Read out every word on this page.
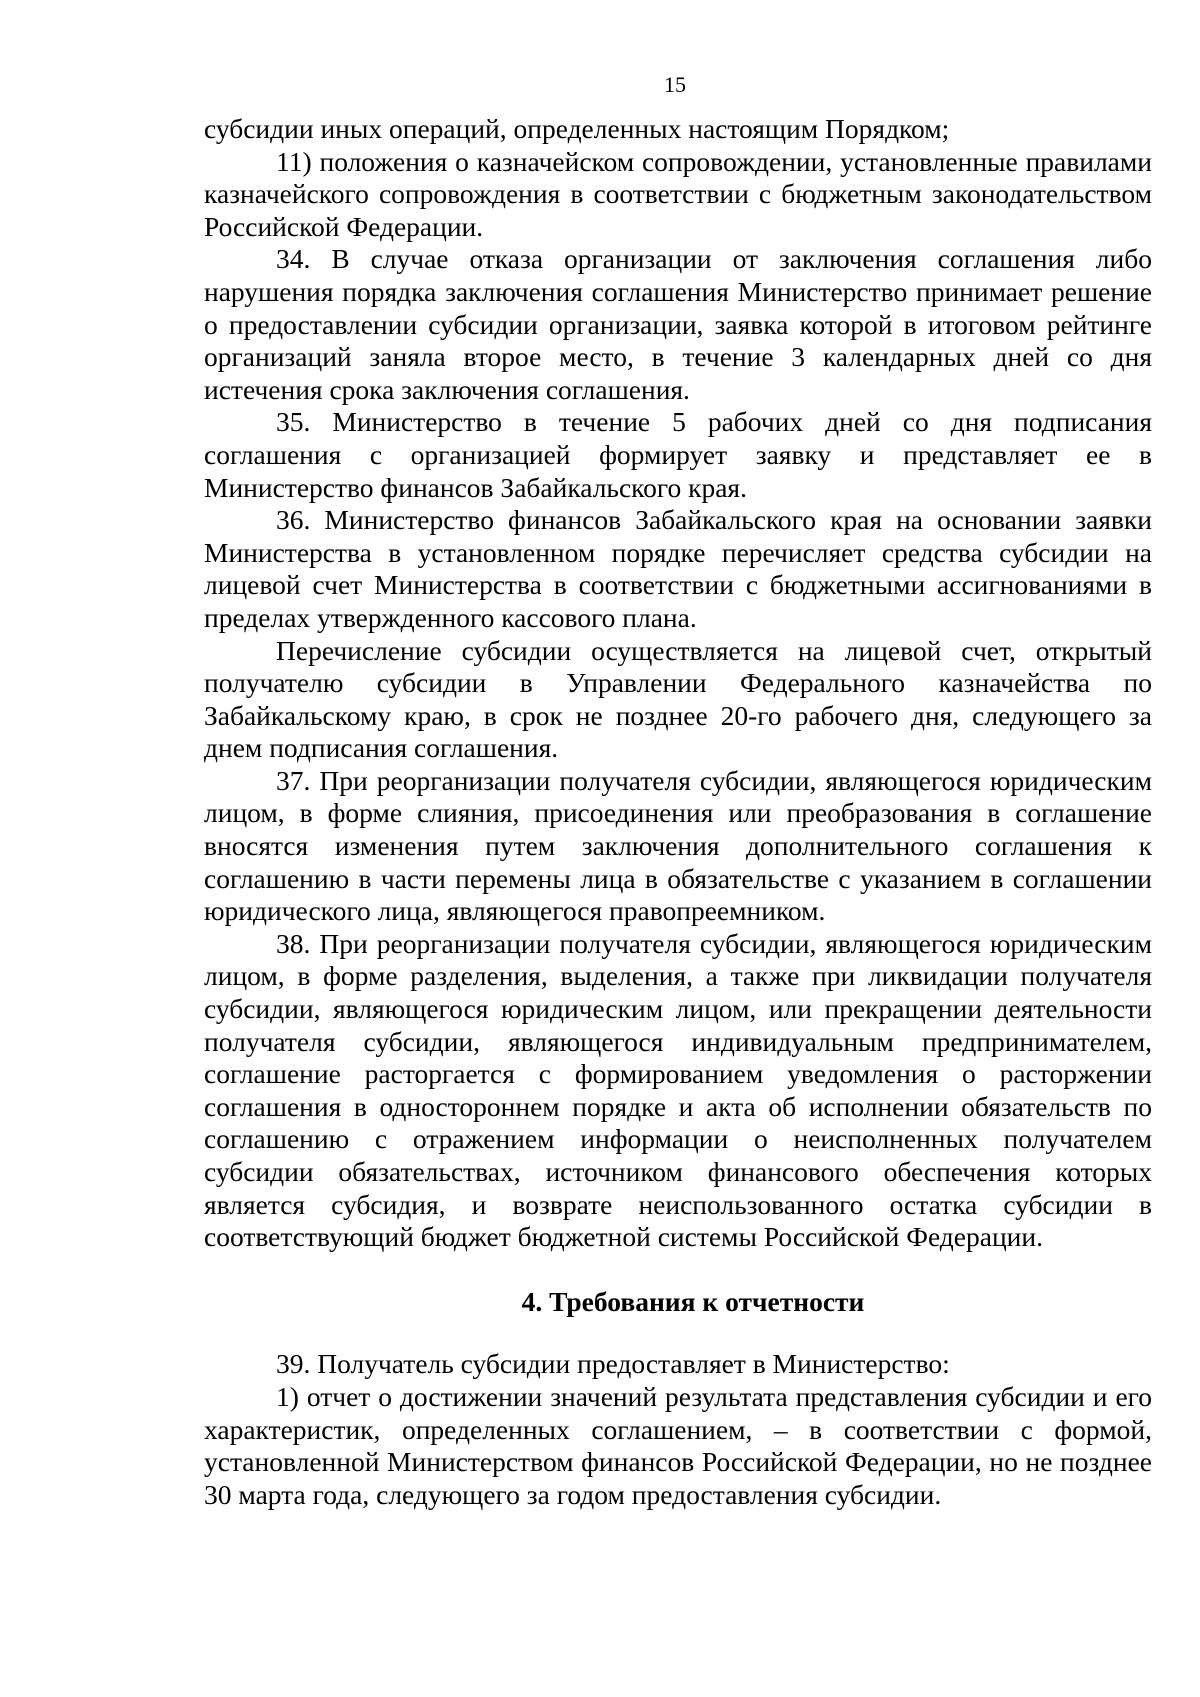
15

субсидии иных операций, определенных настоящим Порядком;

11) положения о казначейском сопровождении, установленные правилами казначейского сопровождения в соответствии с бюджетным законодательством Российской Федерации.

34. В случае отказа организации от заключения соглашения либо нарушения порядка заключения соглашения Министерство принимает решение о предоставлении субсидии организации, заявка которой в итоговом рейтинге организаций заняла второе место, в течение 3 календарных дней со дня истечения срока заключения соглашения.

35. Министерство в течение 5 рабочих дней со дня подписания соглашения с организацией формирует заявку и представляет ее в Министерство финансов Забайкальского края.

36. Министерство финансов Забайкальского края на основании заявки Министерства в установленном порядке перечисляет средства субсидии на лицевой счет Министерства в соответствии с бюджетными ассигнованиями в пределах утвержденного кассового плана.

Перечисление субсидии осуществляется на лицевой счет, открытый получателю субсидии в Управлении Федерального казначейства по Забайкальскому краю, в срок не позднее 20-го рабочего дня, следующего за днем подписания соглашения.

37. При реорганизации получателя субсидии, являющегося юридическим лицом, в форме слияния, присоединения или преобразования в соглашение вносятся изменения путем заключения дополнительного соглашения к соглашению в части перемены лица в обязательстве с указанием в соглашении юридического лица, являющегося правопреемником.

38. При реорганизации получателя субсидии, являющегося юридическим лицом, в форме разделения, выделения, а также при ликвидации получателя субсидии, являющегося юридическим лицом, или прекращении деятельности получателя субсидии, являющегося индивидуальным предпринимателем, соглашение расторгается с формированием уведомления о расторжении соглашения в одностороннем порядке и акта об исполнении обязательств по соглашению с отражением информации о неисполненных получателем субсидии обязательствах, источником финансового обеспечения которых является субсидия, и возврате неиспользованного остатка субсидии в соответствующий бюджет бюджетной системы Российской Федерации.

4. Требования к отчетности

39. Получатель субсидии предоставляет в Министерство:

1) отчет о достижении значений результата представления субсидии и его характеристик, определенных соглашением, – в соответствии с формой, установленной Министерством финансов Российской Федерации, но не позднее 30 марта года, следующего за годом предоставления субсидии.
